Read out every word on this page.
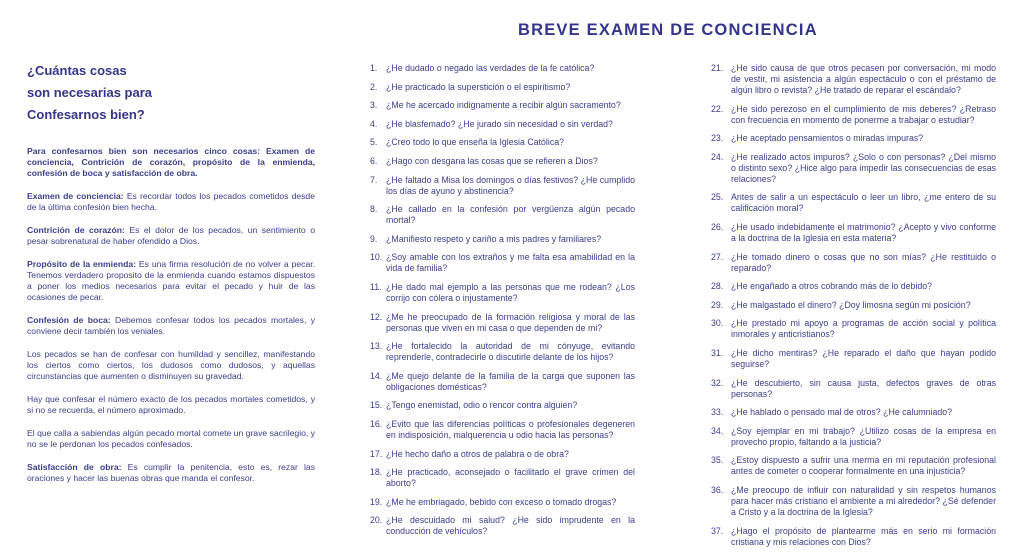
¿Cuántas cosas
son necesarias para
Confesarnos bien?

Para confesarnos bien son necesarios cinco cosas: Examen de conciencia, Contrición de corazón, propósito de la enmienda, confesión de boca y satisfacción de obra.

Examen de conciencia: Es recordar todos los pecados cometidos desde de la última confesión bien hecha.

Contrición de corazón: Es el dolor de los pecados, un sentimiento o pesar sobrenatural de haber ofendido a Dios.

Propósito de la enmienda: Es una firma resolución de no volver a pecar. Tenemos verdadero proposito de la enmienda cuando estamos dispuestos a poner los medios necesarios para evitar el pecado y huir de las ocasiones de pecar.

Confesión de boca: Debemos confesar todos los pecados mortales, y conviene decir también los veniales.

Los pecados se han de confesar con humildad y sencillez, manifestando los ciertos como ciertos, los dudosos como dudosos, y aquellas circunstancias que aumenten o disminuyen su gravedad.

Hay que confesar el número exacto de los pecados mortales cometidos, y si no se recuerda, el número aproximado.

El que calla a sabiendas algún pecado mortal comete un grave sacrilegio, y no se le perdonan los pecados confesados.

Satisfacción de obra: Es cumplir la penitencia, esto es, rezar las oraciones y hacer las buenas obras que manda el confesor.

BREVE EXAMEN DE CONCIENCIA
1. ¿He dudado o negado las verdades de la fe católica?
2. ¿He practicado la superstición o el espiritismo?
3. ¿Me he acercado indignamente a recibir algún sacramento?
4. ¿He blasfemado? ¿He jurado sin necesidad o sin verdad?
5. ¿Creo todo lo que enseña la Iglesia Católica?
6. ¿Hago con desgana las cosas que se refieren a Dios?
7. ¿He faltado a Misa los domingos o días festivos? ¿He cumplido los días de ayuno y abstinencia?
8. ¿He callado en la confesión por vergüenza algún pecado mortal?
9. ¿Manifiesto respeto y cariño a mis padres y familiares?
10. ¿Soy amable con los extraños y me falta esa amabilidad en la vida de familia?
11. ¿He dado mal ejemplo a las personas que me rodean? ¿Los corrijo con cólera o injustamente?
12. ¿Me he preocupado de la formación religiosa y moral de las personas que viven en mi casa o que dependen de mi?
13. ¿He fortalecido la autoridad de mi cónyuge, evitando reprenderle, contradecirle o discutirle delante de los hijos?
14. ¿Me quejo delante de la familia de la carga que suponen las obligaciones domésticas?
15. ¿Tengo enemistad, odio o rencor contra alguien?
16. ¿Evito que las diferencias políticas o profesionales degeneren en indisposición, malquerencia u odio hacia las personas?
17. ¿He hecho daño a otros de palabra o de obra?
18. ¿He practicado, aconsejado o facilitado el grave crimen del aborto?
19. ¿Me he embriagado, bebido con exceso o tomado drogas?
20. ¿He descuidado mi salud? ¿He sido imprudente en la conducción de vehículos?
21. ¿He sido causa de que otros pecasen por conversación, mi modo de vestir, mi asistencia a algún espectáculo o con el préstamo de algún libro o revista? ¿He tratado de reparar el escándalo?
22. ¿He sido perezoso en el cumplimiento de mis deberes? ¿Retraso con frecuencia en momento de ponerme a trabajar o estudiar?
23. ¿He aceptado pensamientos o miradas impuras?
24. ¿He realizado actos impuros? ¿Solo o con personas? ¿Del mismo o distinto sexo? ¿Hice algo para impedir las consecuencias de esas relaciones?
25. Antes de salir a un espectáculo o leer un libro, ¿me entero de su calificación moral?
26. ¿He usado indebidamente el matrimonio? ¿Acepto y vivo conforme a la doctrina de la Iglesia en esta materia?
27. ¿He tomado dinero o cosas que no son mías? ¿He restituido o reparado?
28. ¿He engañado a otros cobrando más de lo debido?
29. ¿He malgastado el dinero? ¿Doy limosna según mi posición?
30. ¿He prestado mi apoyo a programas de acción social y política inmorales y anticristianos?
31. ¿He dicho mentiras? ¿He reparado el daño que hayan podido seguirse?
32. ¿He descubierto, sin causa justa, defectos graves de otras personas?
33. ¿He hablado o pensado mal de otros? ¿He calumniado?
34. ¿Soy ejemplar en mi trabajo? ¿Utilizo cosas de la empresa en provecho propio, faltando a la justicia?
35. ¿Estoy dispuesto a sufrir una merma en mi reputación profesional antes de cometer o cooperar formalmente en una injusticia?
36. ¿Me preocupo de influir con naturalidad y sin respetos humanos para hacer más cristiano el ambiente a mi alrededor? ¿Sé defender a Cristo y a la doctrina de la Iglesia?
37. ¿Hago el propósito de plantearme más en serio mi formación cristiana y mis relaciones con Dios?
